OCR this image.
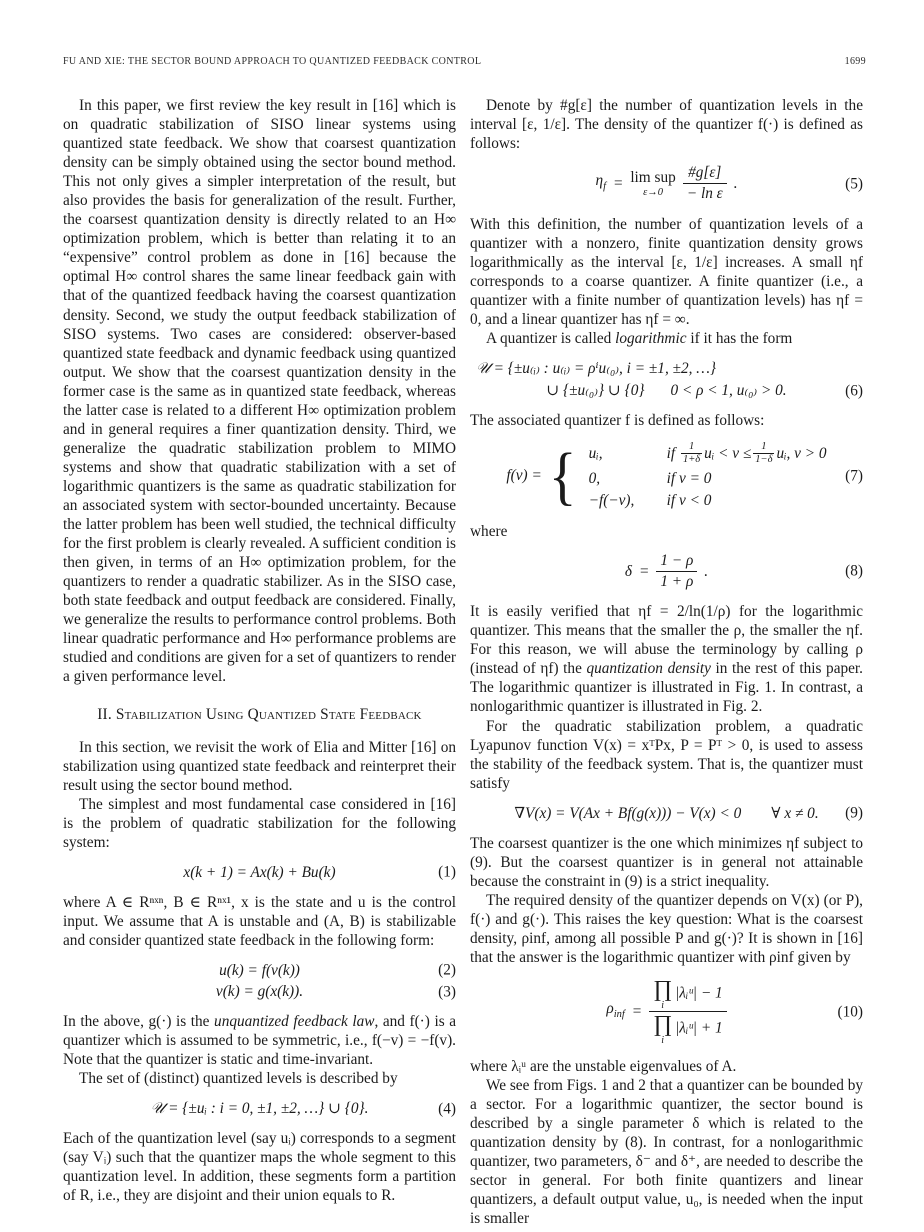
FU AND XIE: THE SECTOR BOUND APPROACH TO QUANTIZED FEEDBACK CONTROL	1699

In this paper, we first review the key result in [16] which is on quadratic stabilization of SISO linear systems using quantized state feedback. We show that coarsest quantization density can be simply obtained using the sector bound method. This not only gives a simpler interpretation of the result, but also provides the basis for generalization of the result. Further, the coarsest quantization density is directly related to an H∞ optimization problem, which is better than relating it to an “expensive” control problem as done in [16] because the optimal H∞ control shares the same linear feedback gain with that of the quantized feedback having the coarsest quantization density. Second, we study the output feedback stabilization of SISO systems. Two cases are considered: observer-based quantized state feedback and dynamic feedback using quantized output. We show that the coarsest quantization density in the former case is the same as in quantized state feedback, whereas the latter case is related to a different H∞ optimization problem and in general requires a finer quantization density. Third, we generalize the quadratic stabilization problem to MIMO systems and show that quadratic stabilization with a set of logarithmic quantizers is the same as quadratic stabilization for an associated system with sector-bounded uncertainty. Because the latter problem has been well studied, the technical difficulty for the first problem is clearly revealed. A sufficient condition is then given, in terms of an H∞ optimization problem, for the quantizers to render a quadratic stabilizer. As in the SISO case, both state feedback and output feedback are considered. Finally, we generalize the results to performance control problems. Both linear quadratic performance and H∞ performance problems are studied and conditions are given for a set of quantizers to render a given performance level.

II. Stabilization Using Quantized State Feedback

In this section, we revisit the work of Elia and Mitter [16] on stabilization using quantized state feedback and reinterpret their result using the sector bound method.

The simplest and most fundamental case considered in [16] is the problem of quadratic stabilization for the following system:

x(k + 1) = Ax(k) + Bu(k)	(1)

where A ∈ Rⁿˣⁿ, B ∈ Rⁿˣ¹, x is the state and u is the control input. We assume that A is unstable and (A, B) is stabilizable and consider quantized state feedback in the following form:

u(k) = f(v(k))	(2)
v(k) = g(x(k)).	(3)

In the above, g(·) is the unquantized feedback law, and f(·) is a quantizer which is assumed to be symmetric, i.e., f(−v) = −f(v). Note that the quantizer is static and time-invariant.

The set of (distinct) quantized levels is described by

𝒰 = {±uᵢ : i = 0, ±1, ±2, …} ∪ {0}.	(4)

Each of the quantization level (say uᵢ) corresponds to a segment (say Vᵢ) such that the quantizer maps the whole segment to this quantization level. In addition, these segments form a partition of R, i.e., they are disjoint and their union equals to R.

Denote by #g[ε] the number of quantization levels in the interval [ε, 1/ε]. The density of the quantizer f(·) is defined as follows:

$\eta_f = \lim$ sup
$\varepsilon\to 0 \frac{\#g[\varepsilon]}{\text{− ln ε}}$ .	(5)

With this definition, the number of quantization levels of a quantizer with a nonzero, finite quantization density grows logarithmically as the interval [ε, 1/ε] increases. A small ηf corresponds to a coarse quantizer. A finite quantizer (i.e., a quantizer with a finite number of quantization levels) has ηf = 0, and a linear quantizer has ηf = ∞.

A quantizer is called logarithmic if it has the form

𝒰 = {±u₍ᵢ₎ : u₍ᵢ₎ = ρⁱu₍₀₎, i = ±1, ±2, …}
∪ {±u₍₀₎} ∪ {0} 0 < ρ < 1, u₍₀₎ > 0.	(6)

The associated quantizer f is defined as follows:

f(v) = { uᵢ,	if
$\frac{1}{1+\delta}$ uᵢ < $v \le \frac{1}{1-\delta}$ uᵢ, v > 0
0,	if v = 0
−f(−v),	if v < 0
(7)

where

$\delta = \frac{1 - \rho}{1 + \rho}$ .	(8)

It is easily verified that ηf = 2/ln(1/ρ) for the logarithmic quantizer. This means that the smaller the ρ, the smaller the ηf. For this reason, we will abuse the terminology by calling ρ (instead of ηf) the quantization density in the rest of this paper. The logarithmic quantizer is illustrated in Fig. 1. In contrast, a nonlogarithmic quantizer is illustrated in Fig. 2.

For the quadratic stabilization problem, a quadratic Lyapunov function V(x) = xᵀPx, P = Pᵀ > 0, is used to assess the stability of the feedback system. That is, the quantizer must satisfy

∇V(x) = V(Ax + Bf(g(x))) − V(x) < 0 ∀ x ≠ 0. (9)

The coarsest quantizer is the one which minimizes ηf subject to (9). But the coarsest quantizer is in general not attainable because the constraint in (9) is a strict inequality.

The required density of the quantizer depends on V(x) (or P), f(·) and g(·). This raises the key question: What is the coarsest density, ρinf, among all possible P and g(·)? It is shown in [16] that the answer is the logarithmic quantizer with ρinf given by

$\rho_{inf}$ = ∏
i
|λᵢᵘ| − 1
∏
i
|λᵢᵘ| + 1	(10)

where λᵢᵘ are the unstable eigenvalues of A.

We see from Figs. 1 and 2 that a quantizer can be bounded by a sector. For a logarithmic quantizer, the sector bound is described by a single parameter δ which is related to the quantization density by (8). In contrast, for a nonlogarithmic quantizer, two parameters, δ⁻ and δ⁺, are needed to describe the sector in general. For both finite quantizers and linear quantizers, a default output value, u₀, is needed when the input is smaller
